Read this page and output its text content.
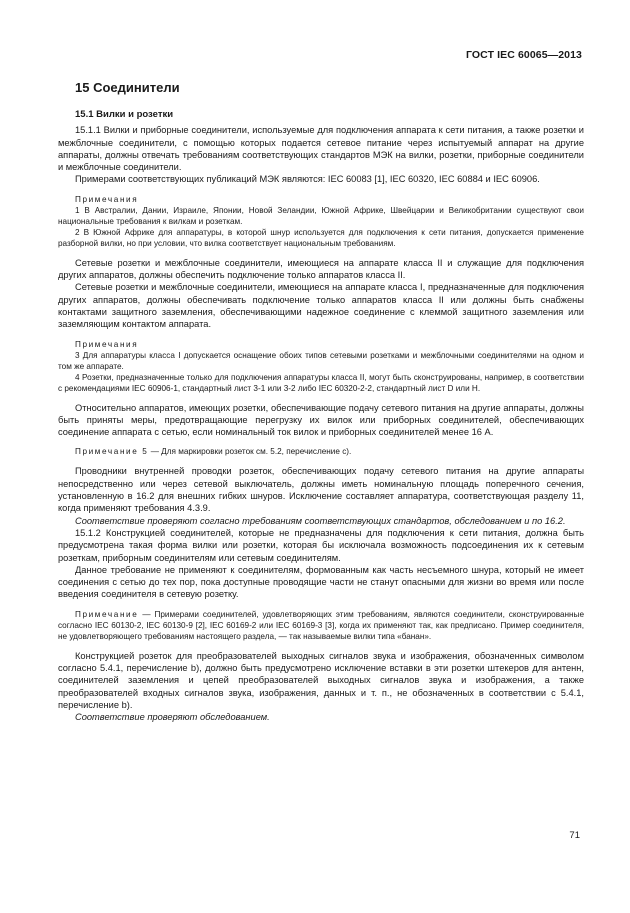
ГОСТ IEC 60065—2013
15 Соединители
15.1 Вилки и розетки

15.1.1 Вилки и приборные соединители, используемые для подключения аппарата к сети питания, а также розетки и межблочные соединители, с помощью которых подается сетевое питание через испытуемый аппарат на другие аппараты, должны отвечать требованиям соответствующих стандартов МЭК на вилки, розетки, приборные соединители и межблочные соединители.

Примерами соответствующих публикаций МЭК являются: IEC 60083 [1], IEC 60320, IEC 60884 и IEC 60906.

Примечания

1 В Австралии, Дании, Израиле, Японии, Новой Зеландии, Южной Африке, Швейцарии и Великобритании существуют свои национальные требования к вилкам и розеткам.

2 В Южной Африке для аппаратуры, в которой шнур используется для подключения к сети питания, допускается применение разборной вилки, но при условии, что вилка соответствует национальным требованиям.

Сетевые розетки и межблочные соединители, имеющиеся на аппарате класса II и служащие для подключения других аппаратов, должны обеспечить подключение только аппаратов класса II.

Сетевые розетки и межблочные соединители, имеющиеся на аппарате класса I, предназначенные для подключения других аппаратов, должны обеспечивать подключение только аппаратов класса II или должны быть снабжены контактами защитного заземления, обеспечивающими надежное соединение с клеммой защитного заземления или заземляющим контактом аппарата.

Примечания

3 Для аппаратуры класса I допускается оснащение обоих типов сетевыми розетками и межблочными соединителями на одном и том же аппарате.

4 Розетки, предназначенные только для подключения аппаратуры класса II, могут быть сконструированы, например, в соответствии с рекомендациями IEC 60906-1, стандартный лист 3-1 или 3-2 либо IEC 60320-2-2, стандартный лист D или H.

Относительно аппаратов, имеющих розетки, обеспечивающие подачу сетевого питания на другие аппараты, должны быть приняты меры, предотвращающие перегрузку их вилок или приборных соединителей, обеспечивающих соединение аппарата с сетью, если номинальный ток вилок и приборных соединителей менее 16 А.

Примечание 5 — Для маркировки розеток см. 5.2, перечисление с).

Проводники внутренней проводки розеток, обеспечивающих подачу сетевого питания на другие аппараты непосредственно или через сетевой выключатель, должны иметь номинальную площадь поперечного сечения, установленную в 16.2 для внешних гибких шнуров. Исключение составляет аппаратура, соответствующая разделу 11, когда применяют требования 4.3.9.

Соответствие проверяют согласно требованиям соответствующих стандартов, обследованием и по 16.2.

15.1.2 Конструкцией соединителей, которые не предназначены для подключения к сети питания, должна быть предусмотрена такая форма вилки или розетки, которая бы исключала возможность подсоединения их к сетевым розеткам, приборным соединителям или сетевым соединителям.

Данное требование не применяют к соединителям, формованным как часть несъемного шнура, который не имеет соединения с сетью до тех пор, пока доступные проводящие части не станут опасными для жизни во время или после введения соединителя в сетевую розетку.

Примечание — Примерами соединителей, удовлетворяющих этим требованиям, являются соединители, сконструированные согласно IEC 60130-2, IEC 60130-9 [2], IEC 60169-2 или IEC 60169-3 [3], когда их применяют так, как предписано. Пример соединителя, не удовлетворяющего требованиям настоящего раздела, — так называемые вилки типа «банан».

Конструкцией розеток для преобразователей выходных сигналов звука и изображения, обозначенных символом согласно 5.4.1, перечисление b), должно быть предусмотрено исключение вставки в эти розетки штекеров для антенн, соединителей заземления и цепей преобразователей выходных сигналов звука и изображения, а также преобразователей входных сигналов звука, изображения, данных и т. п., не обозначенных в соответствии с 5.4.1, перечисление b).

Соответствие проверяют обследованием.

71
